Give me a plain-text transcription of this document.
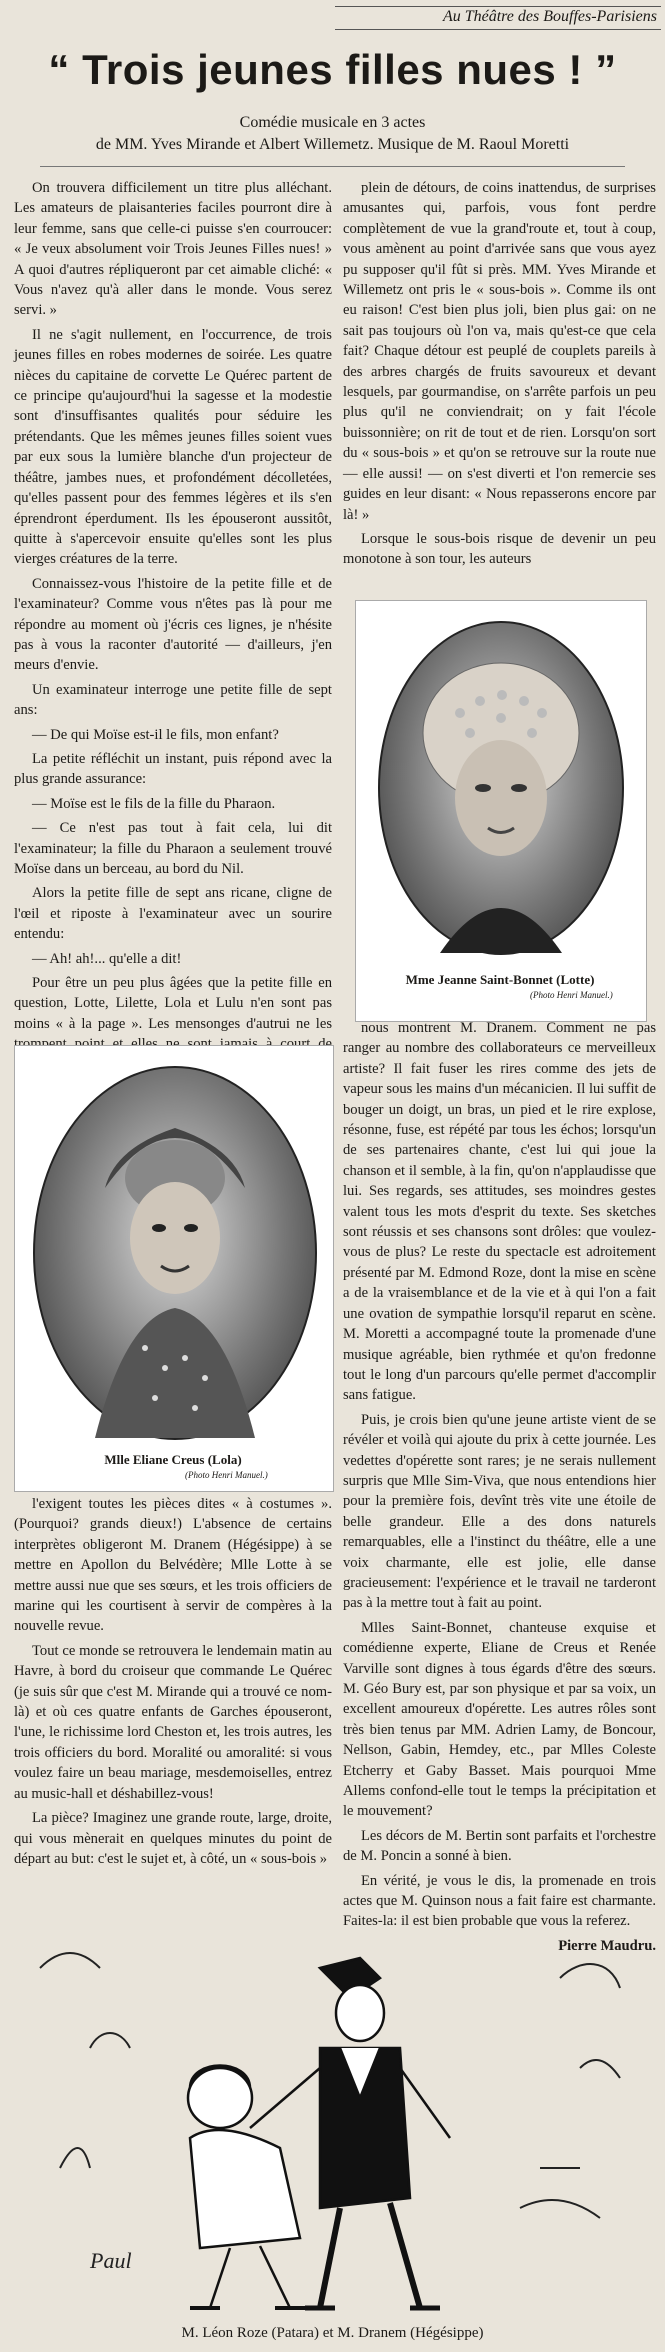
Au Théâtre des Bouffes-Parisiens
“ Trois jeunes filles nues ! ”
Comédie musicale en 3 actes
de MM. Yves Mirande et Albert Willemetz. Musique de M. Raoul Moretti

On trouvera difficilement un titre plus alléchant. Les amateurs de plaisanteries faciles pourront dire à leur femme, sans que celle-ci puisse s'en courroucer: « Je veux absolument voir Trois Jeunes Filles nues! » A quoi d'autres répliqueront par cet aimable cliché: « Vous n'avez qu'à aller dans le monde. Vous serez servi. »

Il ne s'agit nullement, en l'occurrence, de trois jeunes filles en robes modernes de soirée. Les quatre nièces du capitaine de corvette Le Quérec partent de ce principe qu'aujourd'hui la sagesse et la modestie sont d'insuffisantes qualités pour séduire les prétendants. Que les mêmes jeunes filles soient vues par eux sous la lumière blanche d'un projecteur de théâtre, jambes nues, et profondément décolletées, qu'elles passent pour des femmes légères et ils s'en éprendront éperdument. Ils les épouseront aussitôt, quitte à s'apercevoir ensuite qu'elles sont les plus vierges créatures de la terre.

Connaissez-vous l'histoire de la petite fille et de l'examinateur? Comme vous n'êtes pas là pour me répondre au moment où j'écris ces lignes, je n'hésite pas à vous la raconter d'autorité — d'ailleurs, j'en meurs d'envie.

Un examinateur interroge une petite fille de sept ans:

— De qui Moïse est-il le fils, mon enfant?

La petite réfléchit un instant, puis répond avec la plus grande assurance:

— Moïse est le fils de la fille du Pharaon.

— Ce n'est pas tout à fait cela, lui dit l'examinateur; la fille du Pharaon a seulement trouvé Moïse dans un berceau, au bord du Nil.

Alors la petite fille de sept ans ricane, cligne de l'œil et riposte à l'examinateur avec un sourire entendu:

— Ah! ah!... qu'elle a dit!

Pour être un peu plus âgées que la petite fille en question, Lotte, Lilette, Lola et Lulu n'en sont pas moins « à la page ». Les mensonges d'autrui ne les

plein de détours, de coins inattendus, de surprises amusantes qui, parfois, vous font perdre complètement de vue la grand'route et, tout à coup, vous amènent au point d'arrivée sans que vous ayez pu supposer qu'il fût si près. MM. Yves Mirande et Willemetz ont pris le « sous-bois ». Comme ils ont eu raison! C'est bien plus joli, bien plus gai: on ne sait pas toujours où l'on va, mais qu'est-ce que cela fait? Chaque détour est peuplé de couplets pareils à des arbres chargés de fruits savoureux et devant lesquels, par gourmandise, on s'arrête parfois un peu plus qu'il ne conviendrait; on y fait l'école buissonnière; on rit de tout et de rien. Lorsqu'on sort du « sous-bois » et qu'on se retrouve sur la route nue — elle aussi! — on s'est diverti et l'on remercie ses guides en leur disant: « Nous repasserons encore par là! »

Lorsque le sous-bois risque de devenir un peu monotone à son tour, les auteurs

Mme Jeanne Saint-Bonnet (Lotte)
(Photo Henri Manuel.)
Mlle Eliane Creus (Lola)
(Photo Henri Manuel.)

l'exigent toutes les pièces dites « à costumes ». (Pourquoi? grands dieux!) L'absence de certains interprètes obligeront M. Dranem (Hégésippe) à se mettre en Apollon du Belvédère; Mlle Lotte à se mettre aussi nue que ses sœurs, et les trois officiers de marine qui les courtisent à servir de compères à la nouvelle revue.

Tout ce monde se retrouvera le lendemain matin au Havre, à bord du croiseur que commande Le Quérec (je suis sûr que c'est M. Mirande qui a trouvé ce nom-là) et où ces quatre enfants de Garches épouseront, l'une, le richissime lord Cheston et, les trois autres, les trois officiers du bord. Moralité ou amoralité: si vous voulez faire un beau mariage, mesdemoiselles, entrez au music-hall et déshabillez-vous!

La pièce? Imaginez une grande route, large, droite, qui vous mènerait en quelques minutes du point de départ au but: c'est le sujet et, à côté, un « sous-bois »

nous montrent M. Dranem. Comment ne pas ranger au nombre des collaborateurs ce merveilleux artiste? Il fait fuser les rires comme des jets de vapeur sous les mains d'un mécanicien. Il lui suffit de bouger un doigt, un bras, un pied et le rire explose, résonne, fuse, est répété par tous les échos; lorsqu'un de ses partenaires chante, c'est lui qui joue la chanson et il semble, à la fin, qu'on n'applaudisse que lui. Ses regards, ses attitudes, ses moindres gestes valent tous les mots d'esprit du texte. Ses sketches sont réussis et ses chansons sont drôles: que voulez-vous de plus? Le reste du spectacle est adroitement présenté par M. Edmond Roze, dont la mise en scène a de la vraisemblance et de la vie et à qui l'on a fait une ovation de sympathie lorsqu'il reparut en scène. M. Moretti a accompagné toute la promenade d'une musique agréable, bien rythmée et qu'on fredonne tout le long d'un parcours qu'elle permet d'accomplir sans fatigue.

Puis, je crois bien qu'une jeune artiste vient de se révéler et voilà qui ajoute du prix à cette journée. Les vedettes d'opérette sont rares; je ne serais nullement surpris que Mlle Sim-Viva, que nous entendions hier pour la première fois, devînt très vite une étoile de belle grandeur. Elle a des dons naturels remarquables, elle a l'instinct du théâtre, elle a une voix charmante, elle est jolie, elle danse gracieusement: l'expérience et le travail ne tarderont pas à la mettre tout à fait au point.

Mlles Saint-Bonnet, chanteuse exquise et comédienne experte, Eliane de Creus et Renée Varville sont dignes à tous égards d'être des sœurs. M. Géo Bury est, par son physique et par sa voix, un excellent amoureux d'opérette. Les autres rôles sont très bien tenus par MM. Adrien Lamy, de Boncour, Nellson, Gabin, Hemdey, etc., par Mlles Coleste Etcherry et Gaby Basset. Mais pourquoi Mme Allems confond-elle tout le temps la précipitation et le mouvement?

Les décors de M. Bertin sont parfaits et l'orchestre de M. Poncin a sonné à bien.

En vérité, je vous le dis, la promenade en trois actes que M. Quinson nous a fait faire est charmante. Faites-la: il est bien probable que vous la referez.

Pierre Maudru.
Paul
M. Léon Roze (Patara) et M. Dranem (Hégésippe)
